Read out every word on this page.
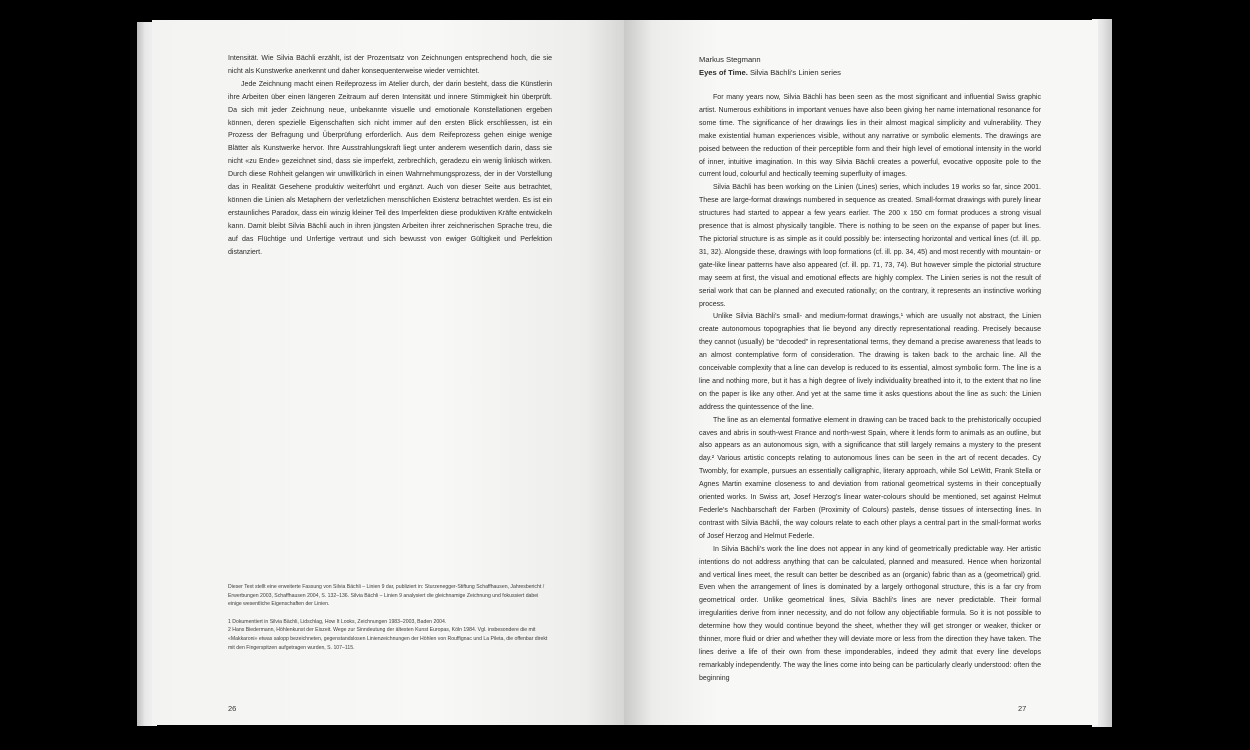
Intensität. Wie Silvia Bächli erzählt, ist der Prozentsatz von Zeichnungen entsprechend hoch, die sie nicht als Kunstwerke anerkennt und daher konsequenterweise wieder vernichtet.

Jede Zeichnung macht einen Reifeprozess im Atelier durch, der darin besteht, dass die Künstlerin ihre Arbeiten über einen längeren Zeitraum auf deren Intensität und innere Stimmigkeit hin überprüft. Da sich mit jeder Zeichnung neue, unbekannte visuelle und emotionale Konstellationen ergeben können, deren spezielle Eigenschaften sich nicht immer auf den ersten Blick erschliessen, ist ein Prozess der Befragung und Überprüfung erforderlich. Aus dem Reifeprozess gehen einige wenige Blätter als Kunstwerke hervor. Ihre Ausstrahlungskraft liegt unter anderem wesentlich darin, dass sie nicht «zu Ende» gezeichnet sind, dass sie imperfekt, zerbrechlich, geradezu ein wenig linkisch wirken. Durch diese Rohheit gelangen wir unwillkürlich in einen Wahrnehmungsprozess, der in der Vorstellung das in Realität Gesehene produktiv weiterführt und ergänzt. Auch von dieser Seite aus betrachtet, können die Linien als Metaphern der verletzlichen menschlichen Existenz betrachtet werden. Es ist ein erstaunliches Paradox, dass ein winzig kleiner Teil des Imperfekten diese produktiven Kräfte entwickeln kann. Damit bleibt Silvia Bächli auch in ihren jüngsten Arbeiten ihrer zeichnerischen Sprache treu, die auf das Flüchtige und Unfertige vertraut und sich bewusst von ewiger Gültigkeit und Perfektion distanziert.

Dieser Text stellt eine erweiterte Fassung von Silvia Bächli – Linien 9 dar, publiziert in: Sturzenegger-Stiftung Schaffhausen, Jahresbericht / Erwerbungen 2003, Schaffhausen 2004, S. 132–136. Silvia Bächli – Linien 9 analysiert die gleichnamige Zeichnung und fokussiert dabei einige wesentliche Eigenschaften der Linien.

1 Dokumentiert in Silvia Bächli, Lidschlag, How It Looks, Zeichnungen 1983–2003, Baden 2004.

2 Hans Biedermann, Höhlenkunst der Eiszeit. Wege zur Sinndeutung der ältesten Kunst Europas, Köln 1984. Vgl. insbesondere die mit «Makkaroni» etwas salopp bezeichneten, gegenstandslosen Linienzeichnungen der Höhlen von Rouffignac und La Pileta, die offenbar direkt mit den Fingerspitzen aufgetragen wurden, S. 107–115.

26
Markus Stegmann
Eyes of Time. Silvia Bächli’s Linien series

For many years now, Silvia Bächli has been seen as the most significant and influential Swiss graphic artist. Numerous exhibitions in important venues have also been giving her name international resonance for some time. The significance of her drawings lies in their almost magical simplicity and vulnerability. They make existential human experiences visible, without any narrative or symbolic elements. The drawings are poised between the reduction of their perceptible form and their high level of emotional intensity in the world of inner, intuitive imagination. In this way Silvia Bächli creates a powerful, evocative opposite pole to the current loud, colourful and hectically teeming superfluity of images.

Silvia Bächli has been working on the Linien (Lines) series, which includes 19 works so far, since 2001. These are large-format drawings numbered in sequence as created. Small-format drawings with purely linear structures had started to appear a few years earlier. The 200 x 150 cm format produces a strong visual presence that is almost physically tangible. There is nothing to be seen on the expanse of paper but lines. The pictorial structure is as simple as it could possibly be: intersecting horizontal and vertical lines (cf. ill. pp. 31, 32). Alongside these, drawings with loop formations (cf. ill. pp. 34, 45) and most recently with mountain- or gate-like linear patterns have also appeared (cf. ill. pp. 71, 73, 74). But however simple the pictorial structure may seem at first, the visual and emotional effects are highly complex. The Linien series is not the result of serial work that can be planned and executed rationally; on the contrary, it represents an instinctive working process.

Unlike Silvia Bächli’s small- and medium-format drawings,¹ which are usually not abstract, the Linien create autonomous topographies that lie beyond any directly representational reading. Precisely because they cannot (usually) be “decoded” in representational terms, they demand a precise awareness that leads to an almost contemplative form of consideration. The drawing is taken back to the archaic line. All the conceivable complexity that a line can develop is reduced to its essential, almost symbolic form. The line is a line and nothing more, but it has a high degree of lively individuality breathed into it, to the extent that no line on the paper is like any other. And yet at the same time it asks questions about the line as such: the Linien address the quintessence of the line.

The line as an elemental formative element in drawing can be traced back to the prehistorically occupied caves and abris in south-west France and north-west Spain, where it lends form to animals as an outline, but also appears as an autonomous sign, with a significance that still largely remains a mystery to the present day.² Various artistic concepts relating to autonomous lines can be seen in the art of recent decades. Cy Twombly, for example, pursues an essentially calligraphic, literary approach, while Sol LeWitt, Frank Stella or Agnes Martin examine closeness to and deviation from rational geometrical systems in their conceptually oriented works. In Swiss art, Josef Herzog’s linear water-colours should be mentioned, set against Helmut Federle’s Nachbarschaft der Farben (Proximity of Colours) pastels, dense tissues of intersecting lines. In contrast with Silvia Bächli, the way colours relate to each other plays a central part in the small-format works of Josef Herzog and Helmut Federle.

In Silvia Bächli’s work the line does not appear in any kind of geometrically predictable way. Her artistic intentions do not address anything that can be calculated, planned and measured. Hence when horizontal and vertical lines meet, the result can better be described as an (organic) fabric than as a (geometrical) grid. Even when the arrangement of lines is dominated by a largely orthogonal structure, this is a far cry from geometrical order. Unlike geometrical lines, Silvia Bächli’s lines are never predictable. Their formal irregularities derive from inner necessity, and do not follow any objectifiable formula. So it is not possible to determine how they would continue beyond the sheet, whether they will get stronger or weaker, thicker or thinner, more fluid or drier and whether they will deviate more or less from the direction they have taken. The lines derive a life of their own from these imponderables, indeed they admit that every line develops remarkably independently. The way the lines come into being can be particularly clearly understood: often the beginning

27
